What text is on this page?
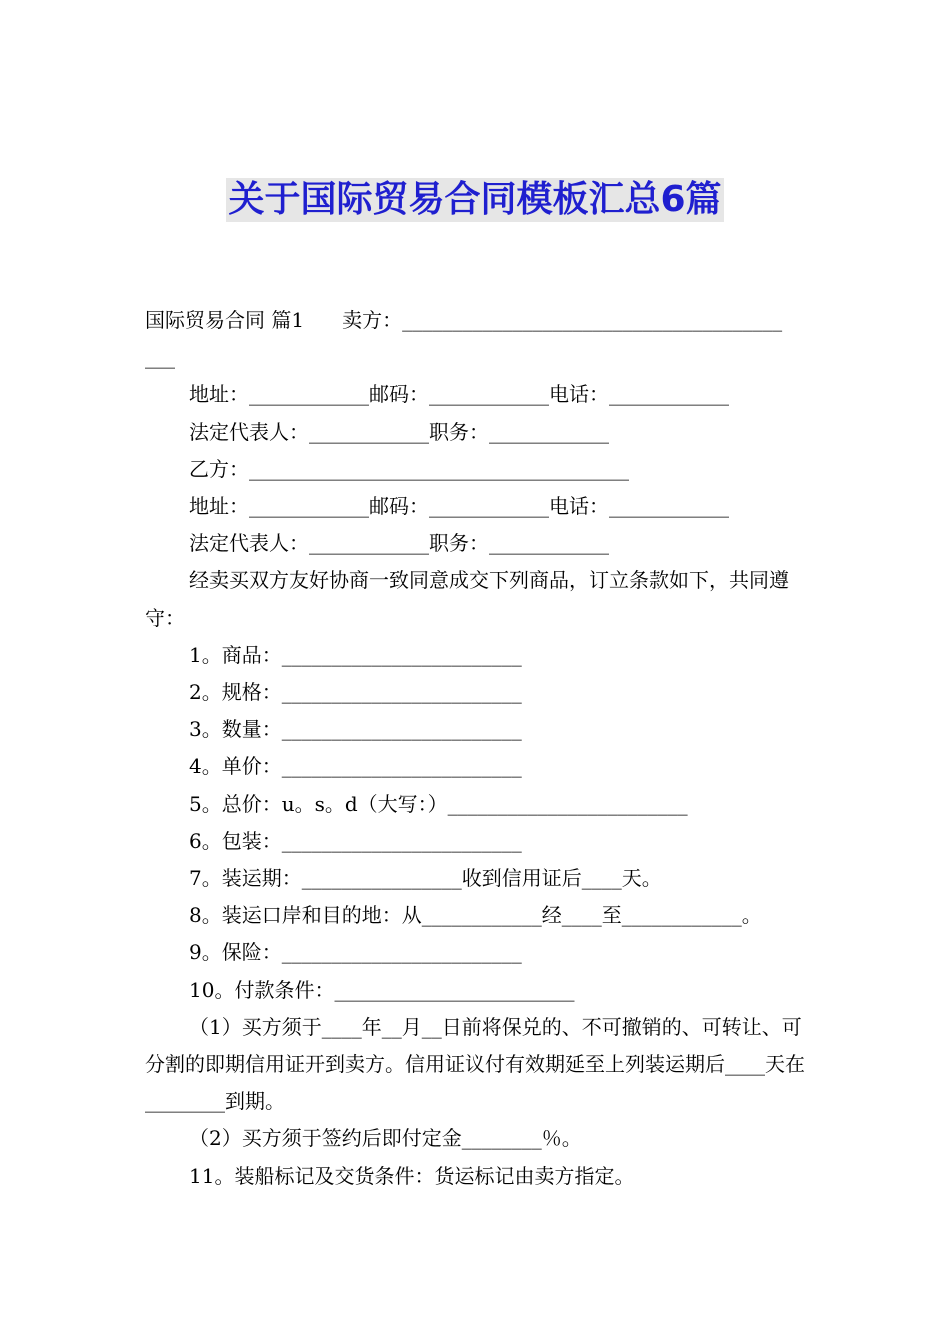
关于国际贸易合同模板汇总6篇

国际贸易合同 篇1 卖方：______________________________________

___

地址：____________邮码：____________电话：____________

法定代表人：____________职务：____________

乙方：______________________________________

地址：____________邮码：____________电话：____________

法定代表人：____________职务：____________

经卖买双方友好协商一致同意成交下列商品，订立条款如下，共同遵守：

1。商品：________________________

2。规格：________________________

3。数量：________________________

4。单价：________________________

5。总价：u。s。d（大写：）________________________

6。包装：________________________

7。装运期：________________收到信用证后____天。

8。装运口岸和目的地：从____________经____至____________。

9。保险：________________________

10。付款条件：________________________

（1）买方须于____年__月__日前将保兑的、不可撤销的、可转让、可分割的即期信用证开到卖方。信用证议付有效期延至上列装运期后____天在________到期。

（2）买方须于签约后即付定金________％。

11。装船标记及交货条件：货运标记由卖方指定。
